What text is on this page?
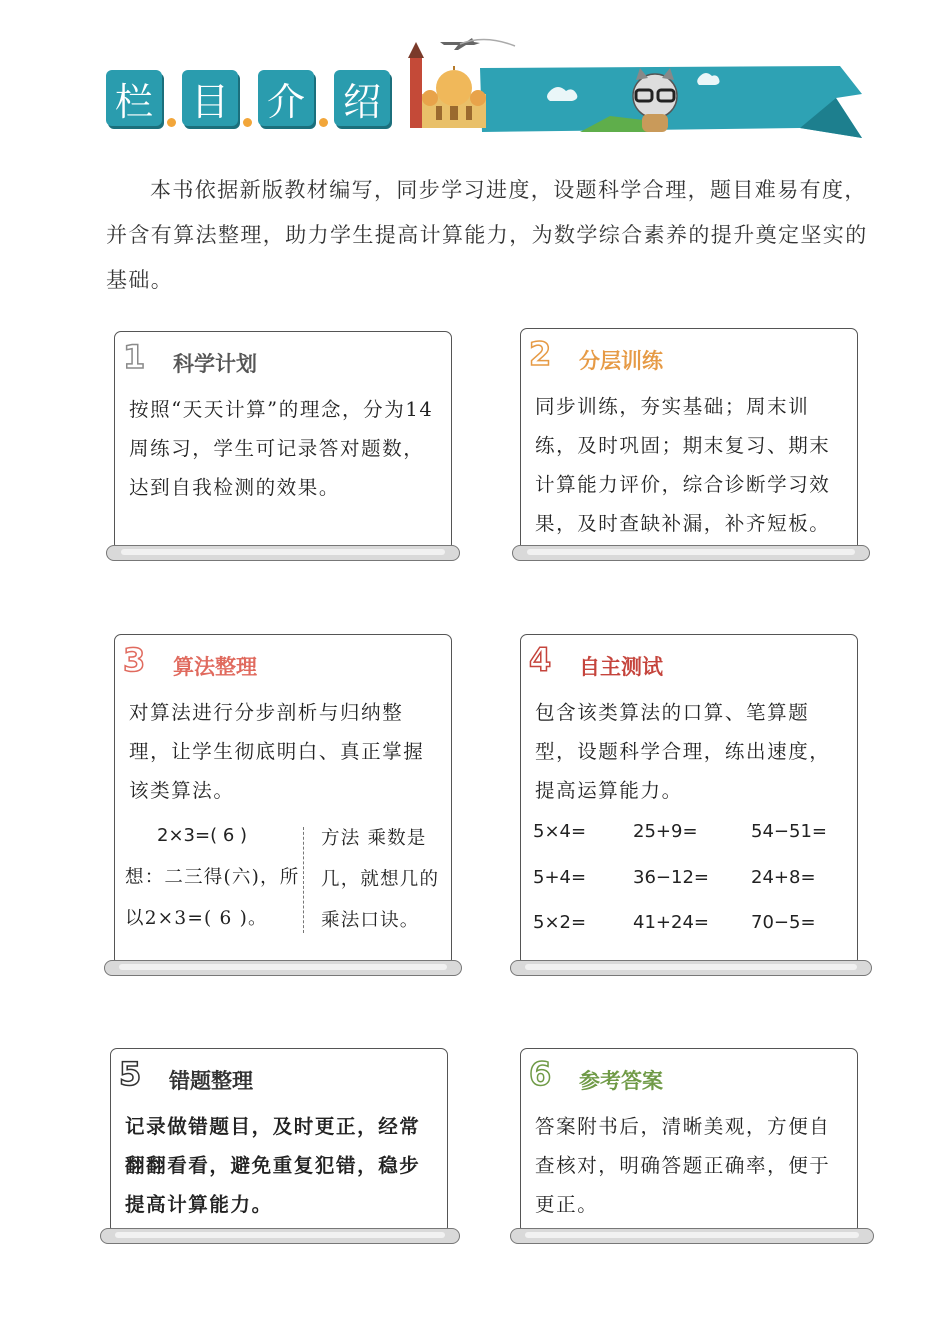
栏 目 介 绍

本书依据新版教材编写，同步学习进度，设题科学合理，题目难易有度，并含有算法整理，助力学生提高计算能力，为数学综合素养的提升奠定坚实的基础。

1 科学计划

按照“天天计算”的理念，分为14周练习，学生可记录答对题数，达到自我检测的效果。

2 分层训练

同步训练，夯实基础；周末训练，及时巩固；期末复习、期末计算能力评价，综合诊断学习效果，及时查缺补漏，补齐短板。

3 算法整理

对算法进行分步剖析与归纳整理，让学生彻底明白、真正掌握该类算法。

2×3=( 6 )
想：二三得(六)，所
以2×3=( 6 )。
方法 乘数是
几，就想几的
乘法口诀。
4 自主测试

包含该类算法的口算、笔算题型，设题科学合理，练出速度，提高运算能力。

5×4=	25+9=	54−51=
5+4=	36−12= 24+8=
5×2=	41+24= 70−5=
5 错题整理

记录做错题目，及时更正，经常翻翻看看，避免重复犯错，稳步提高计算能力。

6 参考答案

答案附书后，清晰美观，方便自查核对，明确答题正确率，便于更正。
